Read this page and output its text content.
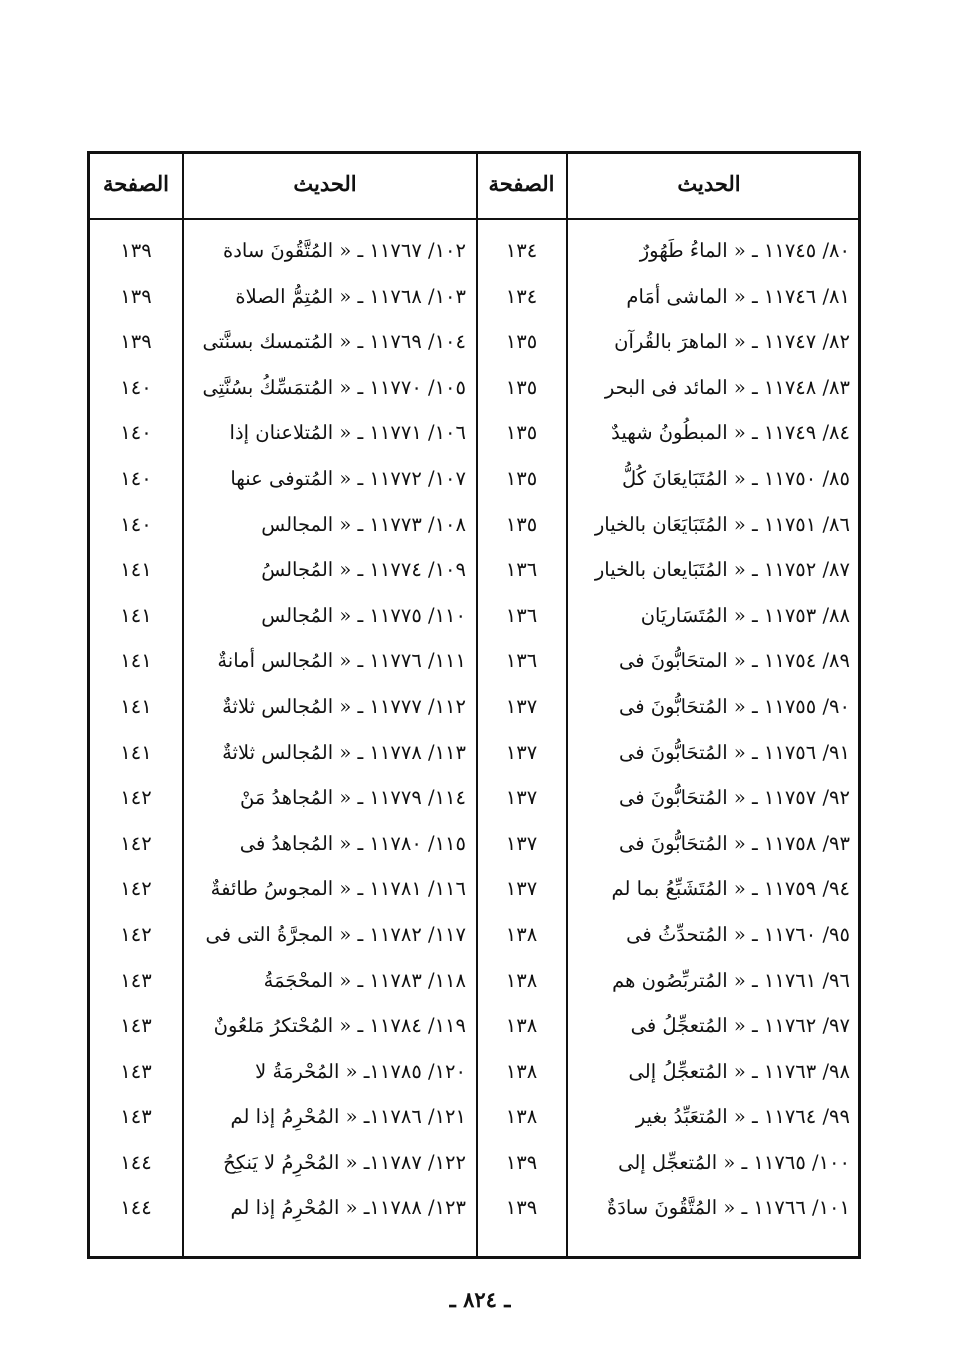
الحديث
الصفحة
الحديث
الصفحة
٨٠/ ١١٧٤٥ ـ « الماءُ طَهُورٌ
١٣٤
١٠٢/ ١١٧٦٧ ـ « المُتَّقُونَ سادة
١٣٩
٨١/ ١١٧٤٦ ـ « الماشى أمَام
١٣٤
١٠٣/ ١١٧٦٨ ـ « المُتِمُّ الصلاة
١٣٩
٨٢/ ١١٧٤٧ ـ « الماهرَ بالقُرآن
١٣٥
١٠٤/ ١١٧٦٩ ـ « المُتمسك بسنَّتى
١٣٩
٨٣/ ١١٧٤٨ ـ « المائد فى البحر
١٣٥
١٠٥/ ١١٧٧٠ ـ « المُتمَسِّكُ بسُنَّتِى
١٤٠
٨٤/ ١١٧٤٩ ـ « المبطُونُ شهيدٌ
١٣٥
١٠٦/ ١١٧٧١ ـ « المُتلاعنان إذا
١٤٠
٨٥/ ١١٧٥٠ ـ « المُتَبَايعَانَ كُلُّ
١٣٥
١٠٧/ ١١٧٧٢ ـ « المُتوفى عنها
١٤٠
٨٦/ ١١٧٥١ ـ « المُتَبَايَعَان بالخيار
١٣٥
١٠٨/ ١١٧٧٣ ـ « المجالس
١٤٠
٨٧/ ١١٧٥٢ ـ « المُتَبَايعان بالخيار
١٣٦
١٠٩/ ١١٧٧٤ ـ « المُجالسُ
١٤١
٨٨/ ١١٧٥٣ ـ « المُتَسَاريَان
١٣٦
١١٠/ ١١٧٧٥ ـ « المُجالس
١٤١
٨٩/ ١١٧٥٤ ـ « المتحَابُّونَ فى
١٣٦
١١١/ ١١٧٧٦ ـ « المُجالس أمانةٌ
١٤١
٩٠/ ١١٧٥٥ ـ « المُتحَابُّونَ فى
١٣٧
١١٢/ ١١٧٧٧ ـ « المُجالس ثلاثةٌ
١٤١
٩١/ ١١٧٥٦ ـ « المُتحَابُّونَ فى
١٣٧
١١٣/ ١١٧٧٨ ـ « المُجالس ثلاثةٌ
١٤١
٩٢/ ١١٧٥٧ ـ « المُتحَابُّونَ فى
١٣٧
١١٤/ ١١٧٧٩ ـ « المُجاهدُ مَنْ
١٤٢
٩٣/ ١١٧٥٨ ـ « المُتحَابُّونَ فى
١٣٧
١١٥/ ١١٧٨٠ ـ « المُجاهدُ فى
١٤٢
٩٤/ ١١٧٥٩ ـ « المُتَشَبِّعُ بما لم
١٣٧
١١٦/ ١١٧٨١ ـ « المجوسُ طائفةٌ
١٤٢
٩٥/ ١١٧٦٠ ـ « المُتحدِّثُ فى
١٣٨
١١٧/ ١١٧٨٢ ـ « المجرَّةُ التى فى
١٤٢
٩٦/ ١١٧٦١ ـ « المُتربِّصُون هم
١٣٨
١١٨/ ١١٧٨٣ ـ « المحْجَمَةُ
١٤٣
٩٧/ ١١٧٦٢ ـ « المُتعجِّلُ فى
١٣٨
١١٩/ ١١٧٨٤ ـ « المُحْتكرُ مَلعُونٌ
١٤٣
٩٨/ ١١٧٦٣ ـ « المُتعجِّلُ إلى
١٣٨
١٢٠/ ١١٧٨٥ـ « المُحْرمَةُ لا
١٤٣
٩٩/ ١١٧٦٤ ـ « المُتعَبِّدُ بغير
١٣٨
١٢١/ ١١٧٨٦ـ « المُحْرِمُ إذا لم
١٤٣
١٠٠/ ١١٧٦٥ ـ « المُتعجِّل إلى
١٣٩
١٢٢/ ١١٧٨٧ـ « المُحْرِمُ لا يَنكِحُ
١٤٤
١٠١/ ١١٧٦٦ ـ « المُتَّقُونَ سادَةٌ
١٣٩
١٢٣/ ١١٧٨٨ـ « المُحْرِمُ إذا لم
١٤٤
ـ ٨٢٤ ـ
